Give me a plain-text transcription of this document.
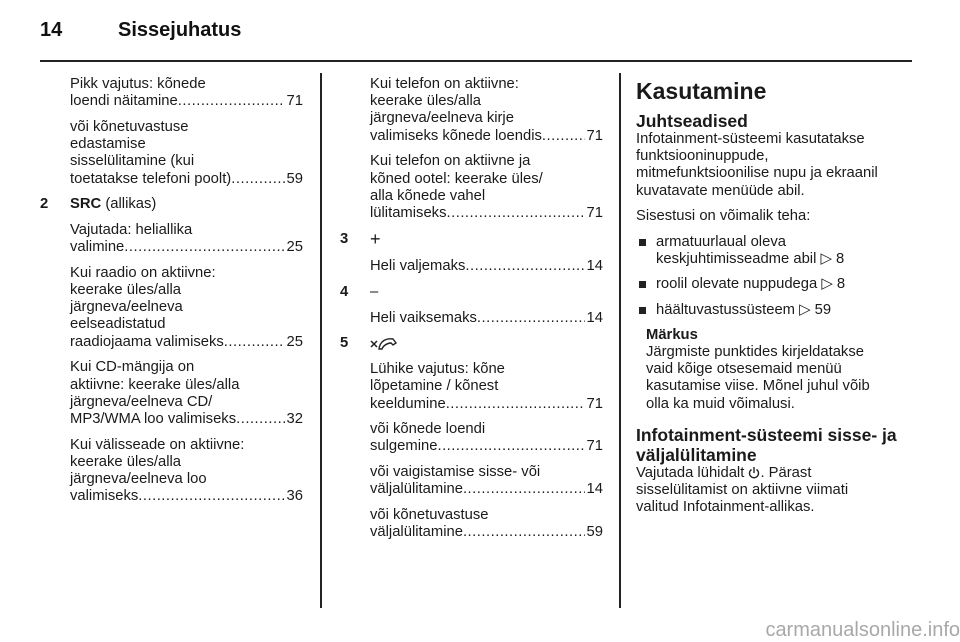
14	Sissejuhatus

Pikk vajutus: kõnede
loendi näitamine .....	71

või kõnetuvastuse
edastamise
sisselülitamine (kui
toetatakse telefoni poolt) .....	59

2 SRC (allikas)

Vajutada: heliallika
valimine .....	25

Kui raadio on aktiivne:
keerake üles/alla
järgneva/eelneva
eelseadistatud
raadiojaama valimiseks .....	25

Kui CD-mängija on
aktiivne: keerake üles/alla
järgneva/eelneva CD/
MP3/WMA loo valimiseks .....	32

Kui välisseade on aktiivne:
keerake üles/alla
järgneva/eelneva loo
valimiseks .....	36

Kui telefon on aktiivne:
keerake üles/alla
järgneva/eelneva kirje
valimiseks kõnede loendis .....	71

Kui telefon on aktiivne ja
kõned ootel: keerake üles/
alla kõnede vahel
lülitamiseks .....	71

3 +

Heli valjemaks .....	14

4 –

Heli vaiksemaks .....	14

5

Lühike vajutus: kõne
lõpetamine / kõnest
keeldumine .....	71

või kõnede loendi
sulgemine .....	71

või vaigistamise sisse- või
väljalülitamine .....	14

või kõnetuvastuse
väljalülitamine .....	59

Kasutamine
Juhtseadised

Infotainment-süsteemi kasutatakse
funktsiooninuppude,
mitmefunktsioonilise nupu ja ekraanil
kuvatavate menüüde abil.

Sisestusi on võimalik teha:

armatuurlaual oleva
keskjuhtimisseadme abil ▷ 8
roolil olevate nuppudega ▷ 8
häältuvastussüsteem ▷ 59
Märkus
Järgmiste punktides kirjeldatakse
vaid kõige otsesemaid menüü
kasutamise viise. Mõnel juhul võib
olla ka muid võimalusi.
Infotainment-süsteemi sisse- ja
väljalülitamine

Vajutada lühidalt . Pärast
sisselülitamist on aktiivne viimati
valitud Infotainment-allikas.

carmanualsonline.info
